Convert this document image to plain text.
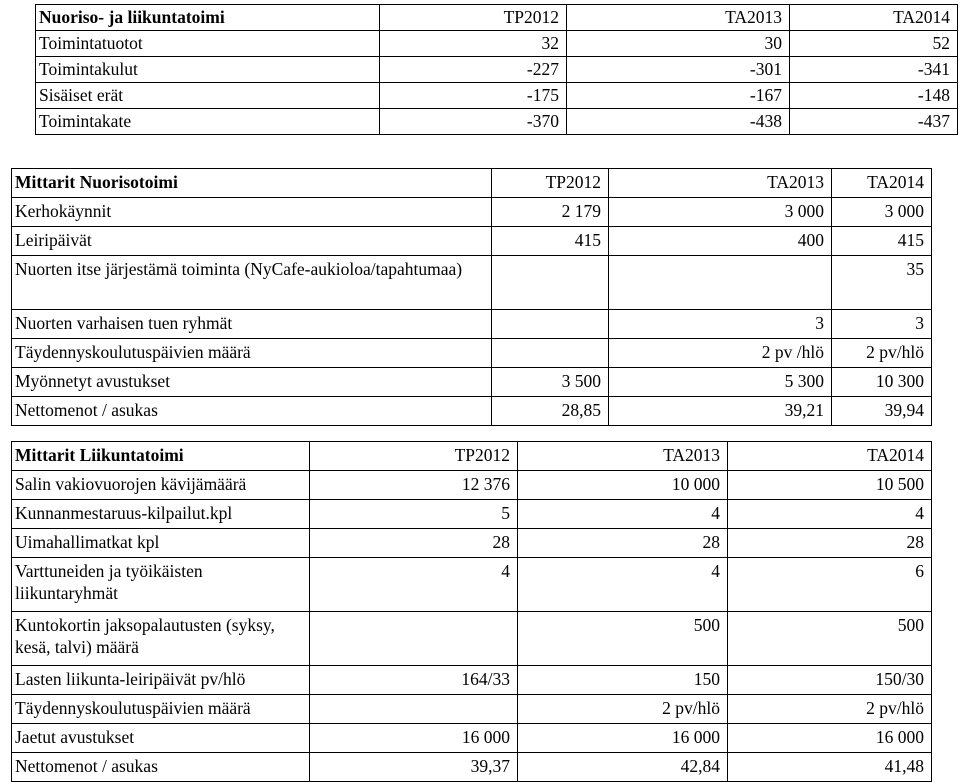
Nuoriso- ja liikuntatoimi	TP2012	TA2013	TA2014
Toimintatuotot	32	30	52
Toimintakulut	-227	-301	-341
Sisäiset erät	-175	-167	-148
Toimintakate	-370	-438	-437
Mittarit Nuorisotoimi	TP2012	TA2013	TA2014
Kerhokäynnit	2 179	3 000	3 000
Leiripäivät	415	400	415
Nuorten itse järjestämä toiminta (NyCafe-aukioloa/tapahtumaa)			35
Nuorten varhaisen tuen ryhmät		3	3
Täydennyskoulutuspäivien määrä		2 pv /hlö	2 pv/hlö
Myönnetyt avustukset	3 500	5 300	10 300
Nettomenot / asukas	28,85	39,21	39,94
Mittarit Liikuntatoimi	TP2012	TA2013	TA2014
Salin vakiovuorojen kävijämäärä	12 376	10 000	10 500
Kunnanmestaruus-kilpailut.kpl	5	4	4
Uimahallimatkat kpl	28	28	28
Varttuneiden ja työikäisten liikuntaryhmät	4	4	6
Kuntokortin jaksopalautusten (syksy, kesä, talvi) määrä		500	500
Lasten liikunta-leiripäivät pv/hlö	164/33	150	150/30
Täydennyskoulutuspäivien määrä		2 pv/hlö	2 pv/hlö
Jaetut avustukset	16 000	16 000	16 000
Nettomenot / asukas	39,37	42,84	41,48
